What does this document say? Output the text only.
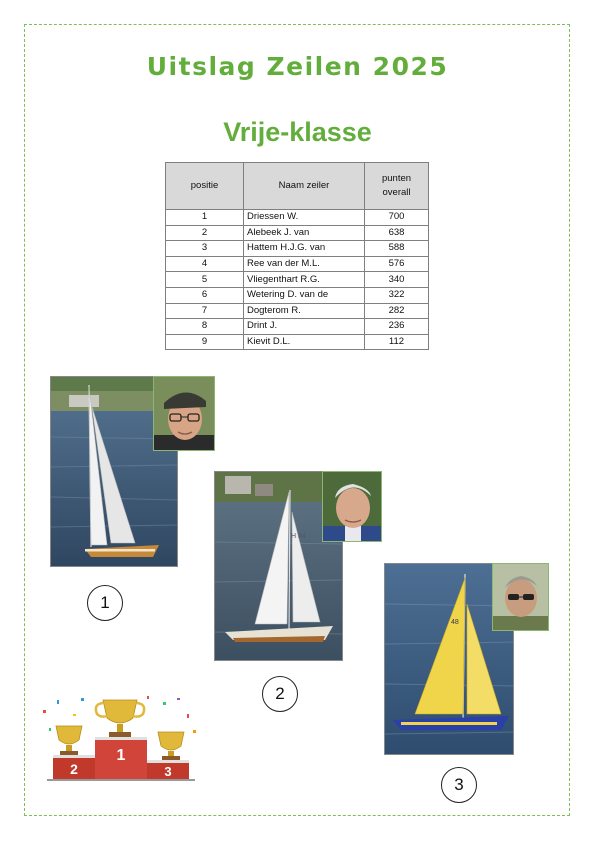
Uitslag Zeilen 2025
Vrije-klasse
positie	Naam zeiler	punten
overall
1	Driessen W.	700
2	Alebeek J. van	638
3	Hattem H.J.G. van	588
4	Ree van der M.L.	576
5	Vliegenthart R.G.	340
6	Wetering D. van de	322
7	Dogterom R.	282
8	Drint J.	236
9	Kievit D.L.	112
1
H 34
2
48
3
2
1
3
